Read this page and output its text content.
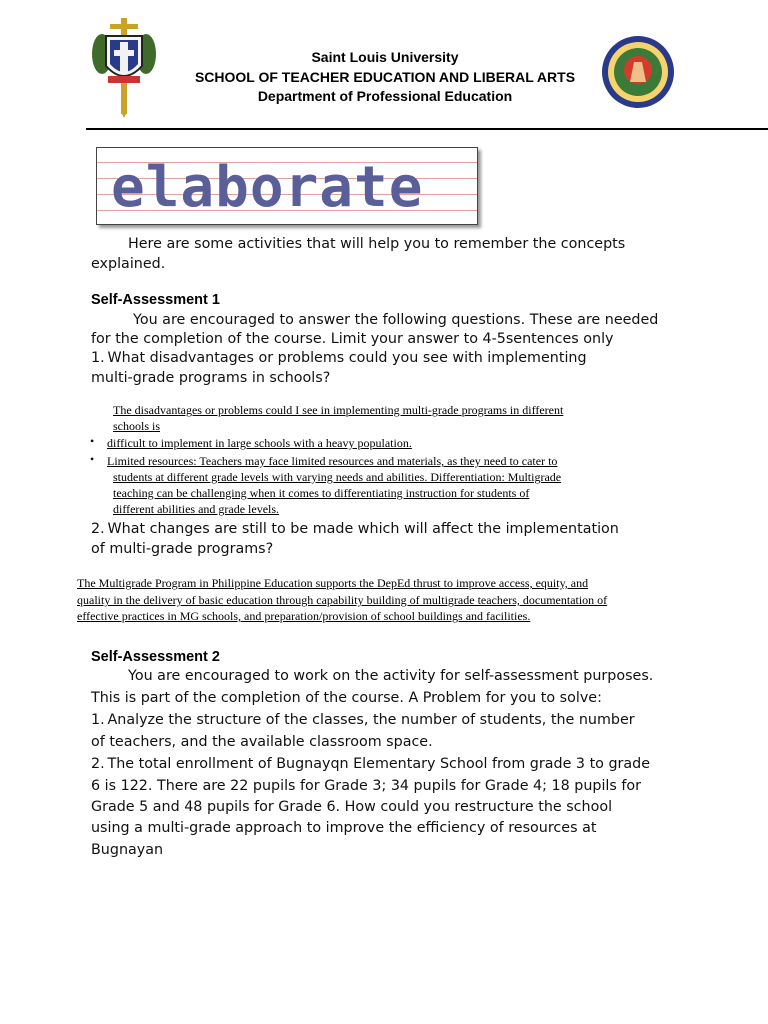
Saint Louis University
SCHOOL OF TEACHER EDUCATION AND LIBERAL ARTS
Department of Professional Education
elaborate
Here are some activities that will help you to remember the concepts
explained.
Self-Assessment 1
You are encouraged to answer the following questions. These are needed
for the completion of the course. Limit your answer to 4-5sentences only
1. What disadvantages or problems could you see with implementing
multi-grade programs in schools?
The disadvantages or problems could I see in implementing multi-grade programs in different
schools is
• difficult to implement in large schools with a heavy population.
• Limited resources: Teachers may face limited resources and materials, as they need to cater to
students at different grade levels with varying needs and abilities. Differentiation: Multigrade
teaching can be challenging when it comes to differentiating instruction for students of
different abilities and grade levels.
2. What changes are still to be made which will affect the implementation
of multi-grade programs?
The Multigrade Program in Philippine Education supports the DepEd thrust to improve access, equity, and
quality in the delivery of basic education through capability building of multigrade teachers, documentation of
effective practices in MG schools, and preparation/provision of school buildings and facilities.
Self-Assessment 2
You are encouraged to work on the activity for self-assessment purposes.
This is part of the completion of the course. A Problem for you to solve:
1. Analyze the structure of the classes, the number of students, the number
of teachers, and the available classroom space.
2. The total enrollment of Bugnayqn Elementary School from grade 3 to grade
6 is 122. There are 22 pupils for Grade 3; 34 pupils for Grade 4; 18 pupils for
Grade 5 and 48 pupils for Grade 6. How could you restructure the school
using a multi-grade approach to improve the efficiency of resources at
Bugnayan
